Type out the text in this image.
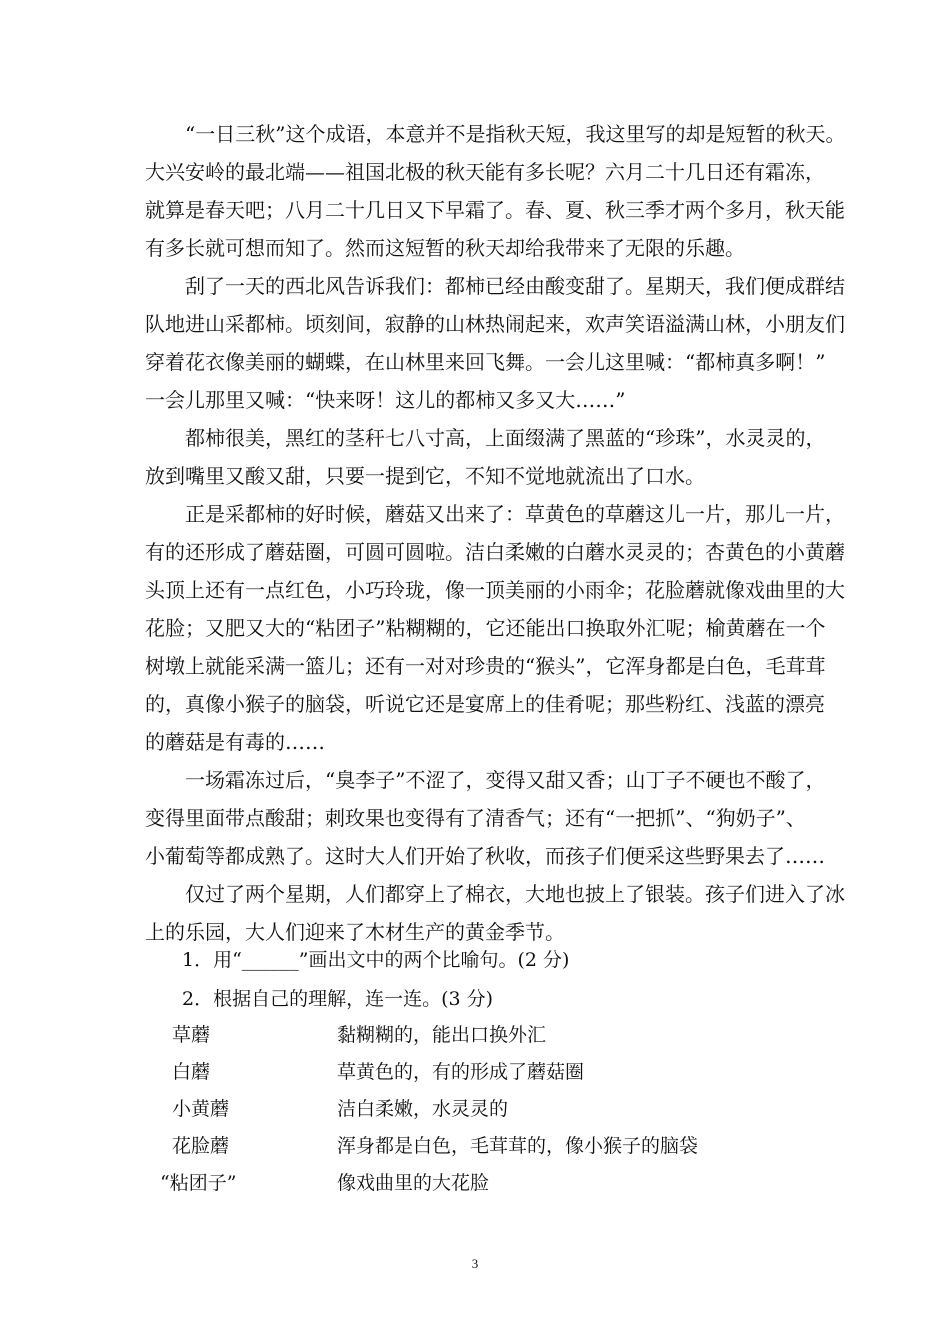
　　“一日三秋”这个成语，本意并不是指秋天短，我这里写的却是短暂的秋天。
大兴安岭的最北端——祖国北极的秋天能有多长呢？六月二十几日还有霜冻，
就算是春天吧；八月二十几日又下早霜了。春、夏、秋三季才两个多月，秋天能
有多长就可想而知了。然而这短暂的秋天却给我带来了无限的乐趣。
　　刮了一天的西北风告诉我们：都柿已经由酸变甜了。星期天，我们便成群结
队地进山采都柿。顷刻间，寂静的山林热闹起来，欢声笑语溢满山林，小朋友们
穿着花衣像美丽的蝴蝶，在山林里来回飞舞。一会儿这里喊：“都柿真多啊！”
一会儿那里又喊：“快来呀！这儿的都柿又多又大……”
　　都柿很美，黑红的茎秆七八寸高，上面缀满了黑蓝的“珍珠”，水灵灵的，
放到嘴里又酸又甜，只要一提到它，不知不觉地就流出了口水。
　　正是采都柿的好时候，蘑菇又出来了：草黄色的草蘑这儿一片，那儿一片，
有的还形成了蘑菇圈，可圆可圆啦。洁白柔嫩的白蘑水灵灵的；杏黄色的小黄蘑
头顶上还有一点红色，小巧玲珑，像一顶美丽的小雨伞；花脸蘑就像戏曲里的大
花脸；又肥又大的“粘团子”粘糊糊的，它还能出口换取外汇呢；榆黄蘑在一个
树墩上就能采满一篮儿；还有一对对珍贵的“猴头”，它浑身都是白色，毛茸茸
的，真像小猴子的脑袋，听说它还是宴席上的佳肴呢；那些粉红、浅蓝的漂亮
的蘑菇是有毒的……
　　一场霜冻过后，“臭李子”不涩了，变得又甜又香；山丁子不硬也不酸了，
变得里面带点酸甜；刺玫果也变得有了清香气；还有“一把抓”、“狗奶子”、
小葡萄等都成熟了。这时大人们开始了秋收，而孩子们便采这些野果去了……
　　仅过了两个星期，人们都穿上了棉衣，大地也披上了银装。孩子们进入了冰
上的乐园，大人们迎来了木材生产的黄金季节。

1．用“______”画出文中的两个比喻句。(2 分)

2．根据自己的理解，连一连。(3 分)

草蘑	黏糊糊的，能出口换外汇
白蘑	草黄色的，有的形成了蘑菇圈
小黄蘑	洁白柔嫩，水灵灵的
花脸蘑	浑身都是白色，毛茸茸的，像小猴子的脑袋
“粘团子”	像戏曲里的大花脸
3
